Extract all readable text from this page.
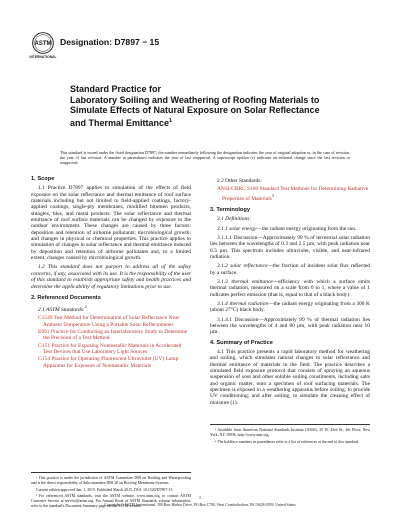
ASTM
INTERNATIONAL
Designation: D7897 − 15
Standard Practice for
Laboratory Soiling and Weathering of Roofing Materials to
Simulate Effects of Natural Exposure on Solar Reflectance
and Thermal Emittance$^1$
This standard is issued under the fixed designation D7897; the number immediately following the designation indicates the year of original adoption or, in the case of revision, the year of last revision. A number in parentheses indicates the year of last reapproval. A superscript epsilon (ε) indicates an editorial change since the last revision or reapproval.
1. Scope
1.1 Practice D7897 applies to simulation of the effects of field exposure on the solar reflectance and thermal emittance of roof surface materials including but not limited to field-applied coatings, factory-applied coatings, single-ply membranes, modified bitumen products, shingles, tiles, and metal products. The solar reflectance and thermal emittance of roof surface materials can be changed by exposure to the outdoor environment. These changes are caused by three factors: deposition and retention of airborne pollutants; microbiological growth; and changes in physical or chemical properties. This practice applies to simulation of changes in solar reflectance and thermal emittance induced by deposition and retention of airborne pollutants and, to a limited extent, changes caused by microbiological growth.
1.2 This standard does not purport to address all of the safety concerns, if any, associated with its use. It is the responsibility of the user of this standard to establish appropriate safety and health practices and determine the applicability of regulatory limitations prior to use.
2. Referenced Documents
2.1 ASTM Standards:$^2$
C1549 Test Method for Determination of Solar Reflectance Near Ambient Temperature Using a Portable Solar Reflectometer
E691 Practice for Conducting an Interlaboratory Study to Determine the Precision of a Test Method
G151 Practice for Exposing Nonmetallic Materials in Accelerated Test Devices that Use Laboratory Light Sources
G154 Practice for Operating Fluorescent Ultraviolet (UV) Lamp Apparatus for Exposure of Nonmetallic Materials
¹ This practice is under the jurisdiction of ASTM Committee D08 on Roofing and Waterproofing and is the direct responsibility of Subcommittee D08.20 on Roofing Membrane Systems.
Current edition approved Jan. 1, 2015. Published March 2015. DOI: 10.1520/D7897-15
² For referenced ASTM standards, visit the ASTM website, www.astm.org, or contact ASTM Customer Service at service@astm.org. For Annual Book of ASTM Standards volume information, refer to the standard's Document Summary page on the ASTM website.
2.2 Other Standards:
ANSI/CRRC S100 Standard Test Methods for Determining Radiative Properties of Materials$^3$
3. Terminology
3.1 Definitions:
3.1.1 solar energy—the radiant energy originating from the sun.
3.1.1.1 Discussion—Approximately 99 % of terrestrial solar radiation lies between the wavelengths of 0.3 and 2.5 µm, with peak radiation near 0.5 µm. This spectrum includes ultraviolet, visible, and near-infrared radiation.
3.1.2 solar reflectance—the fraction of incident solar flux reflected by a surface.
3.1.3 thermal emittance—efficiency with which a surface emits thermal radiation, measured on a scale from 0 to 1, where a value of 1 indicates perfect emission (that is, equal to that of a black body).
3.1.4 thermal radiation—the radiant energy originating from a 300 K (about 27°C) black body.
3.1.4.1 Discussion—Approximately 99 % of thermal radiation lies between the wavelengths of 4 and 80 µm, with peak radiation near 10 µm.
4. Summary of Practice
4.1 This practice presents a rapid laboratory method for weathering and soiling, which simulates natural changes in solar reflectance and thermal emittance of materials in the field. The practice describes a simulated field exposure protocol that consists of spraying an aqueous suspension of soot and other soluble soiling constituents, including salts and organic matter, onto a specimen of roof surfacing materials. The specimen is exposed in a weathering apparatus before soiling, to provide UV conditioning; and after soiling, to simulate the cleaning effect of moisture (1).
³ Available from American National Standards Institute (ANSI), 25 W. 43rd St., 4th Floor, New York, NY 10036, http://www.ansi.org.
⁴ The boldface numbers in parentheses refer to a list of references at the end of this standard.
1
Copyright © ASTM International, 100 Barr Harbor Drive, PO Box C700, West Conshohocken, PA 19428-2959. United States
